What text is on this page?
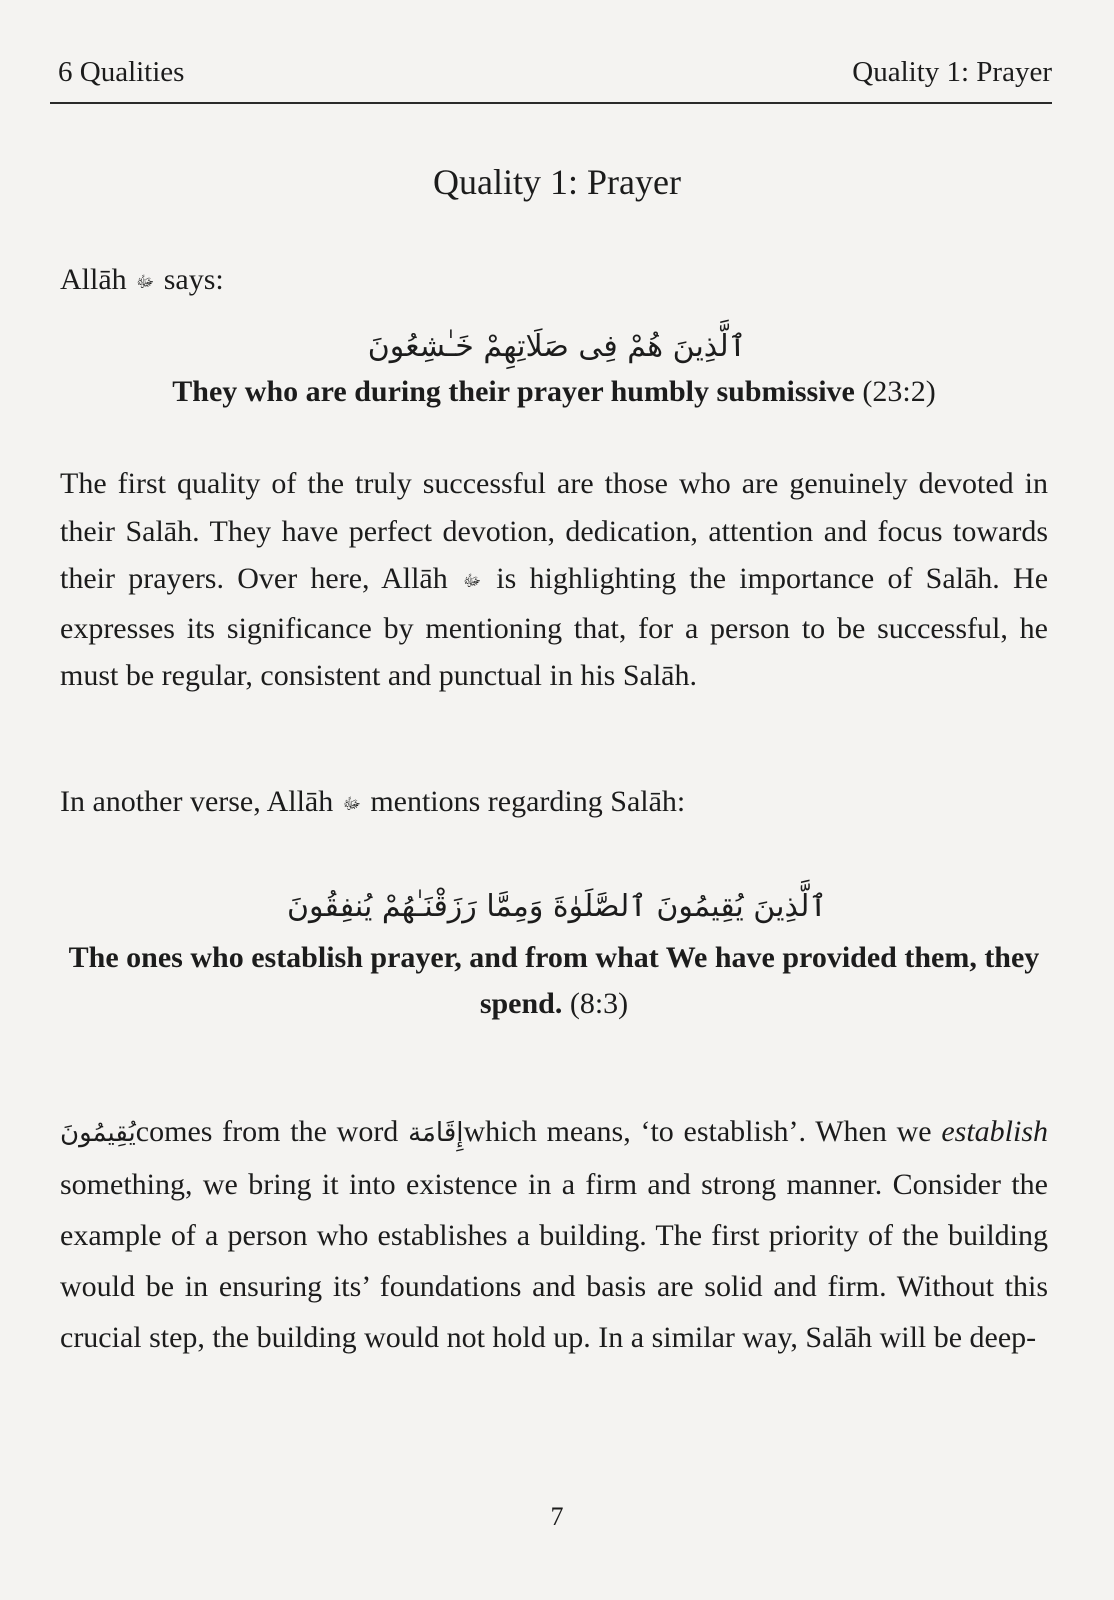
6 Qualities	Quality 1: Prayer
Quality 1: Prayer
Allāh ﷻ says:
ٱلَّذِينَ هُمْ فِى صَلَاتِهِمْ خَـٰشِعُونَ
They who are during their prayer humbly submissive (23:2)
The first quality of the truly successful are those who are genuinely devoted in their Salāh. They have perfect devotion, dedication, attention and focus towards their prayers. Over here, Allāh ﷻ is highlighting the importance of Salāh. He expresses its significance by mentioning that, for a person to be successful, he must be regular, consistent and punctual in his Salāh.
In another verse, Allāh ﷻ mentions regarding Salāh:
ٱلَّذِينَ يُقِيمُونَ ٱلصَّلَوٰةَ وَمِمَّا رَزَقْنَـٰهُمْ يُنفِقُونَ
The ones who establish prayer, and from what We have provided them, they spend. (8:3)
يُقِيمُونَcomes from the word إِقَامَةwhich means, ‘to establish’. When we establish something, we bring it into existence in a firm and strong manner. Consider the example of a person who establishes a building. The first priority of the building would be in ensuring its’ foundations and basis are solid and firm. Without this crucial step, the building would not hold up. In a similar way, Salāh will be deep-
7
